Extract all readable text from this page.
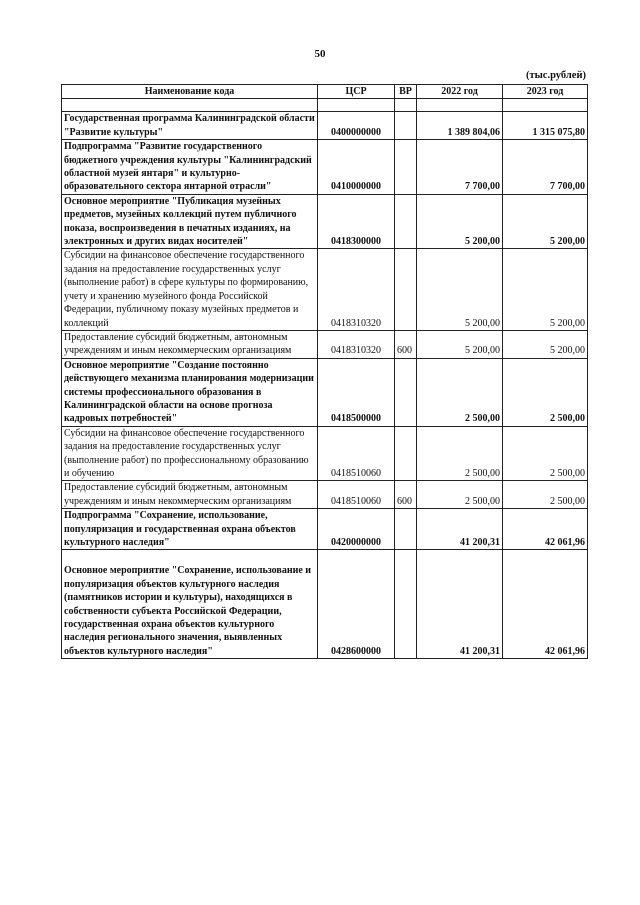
50
(тыс.рублей)
Наименование кода	ЦСР	ВР	2022 год	2023 год

Государственная программа Калининградской области "Развитие культуры"	0400000000		1 389 804,06	1 315 075,80
Подпрограмма "Развитие государственного бюджетного учреждения культуры "Калининградский областной музей янтаря" и культурно-образовательного сектора янтарной отрасли"	0410000000		7 700,00	7 700,00
Основное мероприятие "Публикация музейных предметов, музейных коллекций путем публичного показа, воспроизведения в печатных изданиях, на электронных и других видах носителей"	0418300000		5 200,00	5 200,00
Субсидии на финансовое обеспечение государственного задания на предоставление государственных услуг (выполнение работ) в сфере культуры по формированию, учету и хранению музейного фонда Российской Федерации, публичному показу музейных предметов и коллекций	0418310320		5 200,00	5 200,00
Предоставление субсидий бюджетным, автономным учреждениям и иным некоммерческим организациям	0418310320	600	5 200,00	5 200,00
Основное мероприятие "Создание постоянно действующего механизма планирования модернизации системы профессионального образования в Калининградской области на основе прогноза кадровых потребностей"	0418500000		2 500,00	2 500,00
Субсидии на финансовое обеспечение государственного задания на предоставление государственных услуг (выполнение работ) по профессиональному образованию и обучению	0418510060		2 500,00	2 500,00
Предоставление субсидий бюджетным, автономным учреждениям и иным некоммерческим организациям	0418510060	600	2 500,00	2 500,00
Подпрограмма "Сохранение, использование, популяризация и государственная охрана объектов культурного наследия"	0420000000		41 200,31	42 061,96
Основное мероприятие "Сохранение, использование и популяризация объектов культурного наследия (памятников истории и культуры), находящихся в собственности субъекта Российской Федерации, государственная охрана объектов культурного наследия регионального значения, выявленных объектов культурного наследия"	0428600000		41 200,31	42 061,96
